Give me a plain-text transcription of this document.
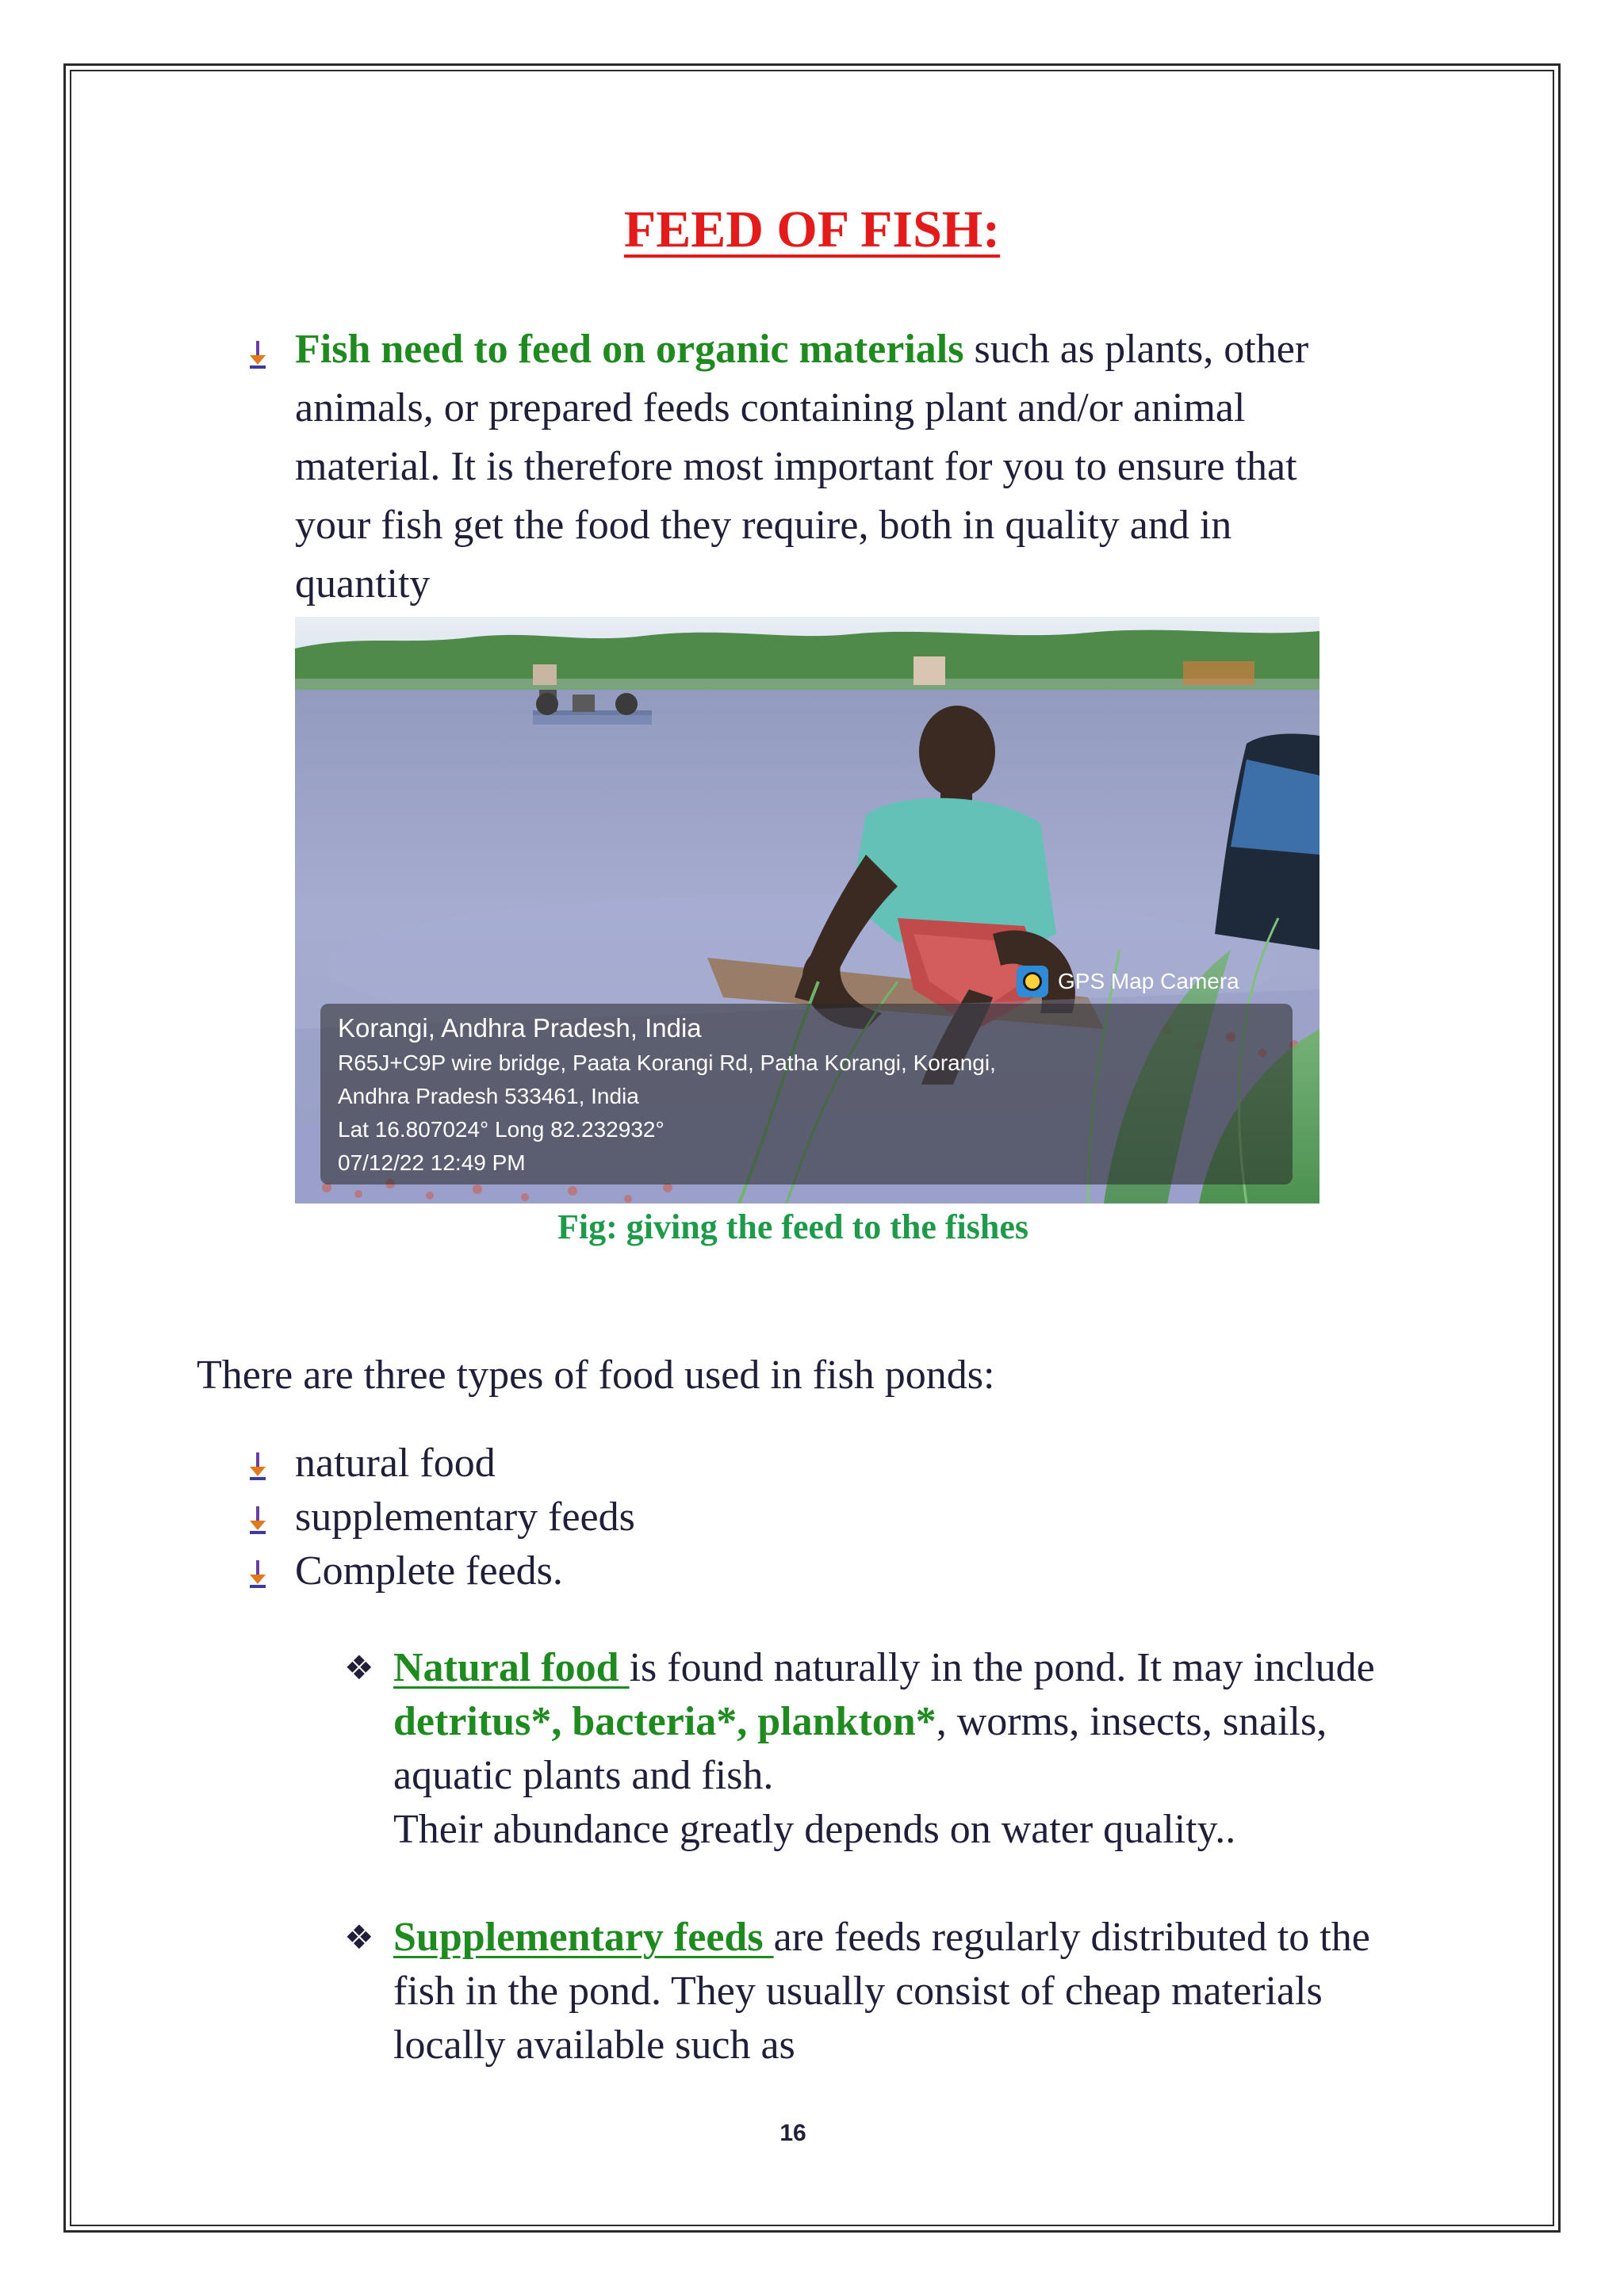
FEED OF FISH:

Fish need to feed on organic materials such as plants, other animals, or prepared feeds containing plant and/or animal material. It is therefore most important for you to ensure that your fish get the food they require, both in quality and in quantity

GPS Map Camera
Korangi, Andhra Pradesh, India
R65J+C9P wire bridge, Paata Korangi Rd, Patha Korangi, Korangi,
Andhra Pradesh 533461, India
Lat 16.807024° Long 82.232932°
07/12/22 12:49 PM
Fig: giving the feed to the fishes

There are three types of food used in fish ponds:

natural food
supplementary feeds
Complete feeds.
❖ Natural food is found naturally in the pond. It may include detritus*, bacteria*, plankton*, worms, insects, snails, aquatic plants and fish.
Their abundance greatly depends on water quality..
❖ Supplementary feeds are feeds regularly distributed to the fish in the pond. They usually consist of cheap materials locally available such as
16
